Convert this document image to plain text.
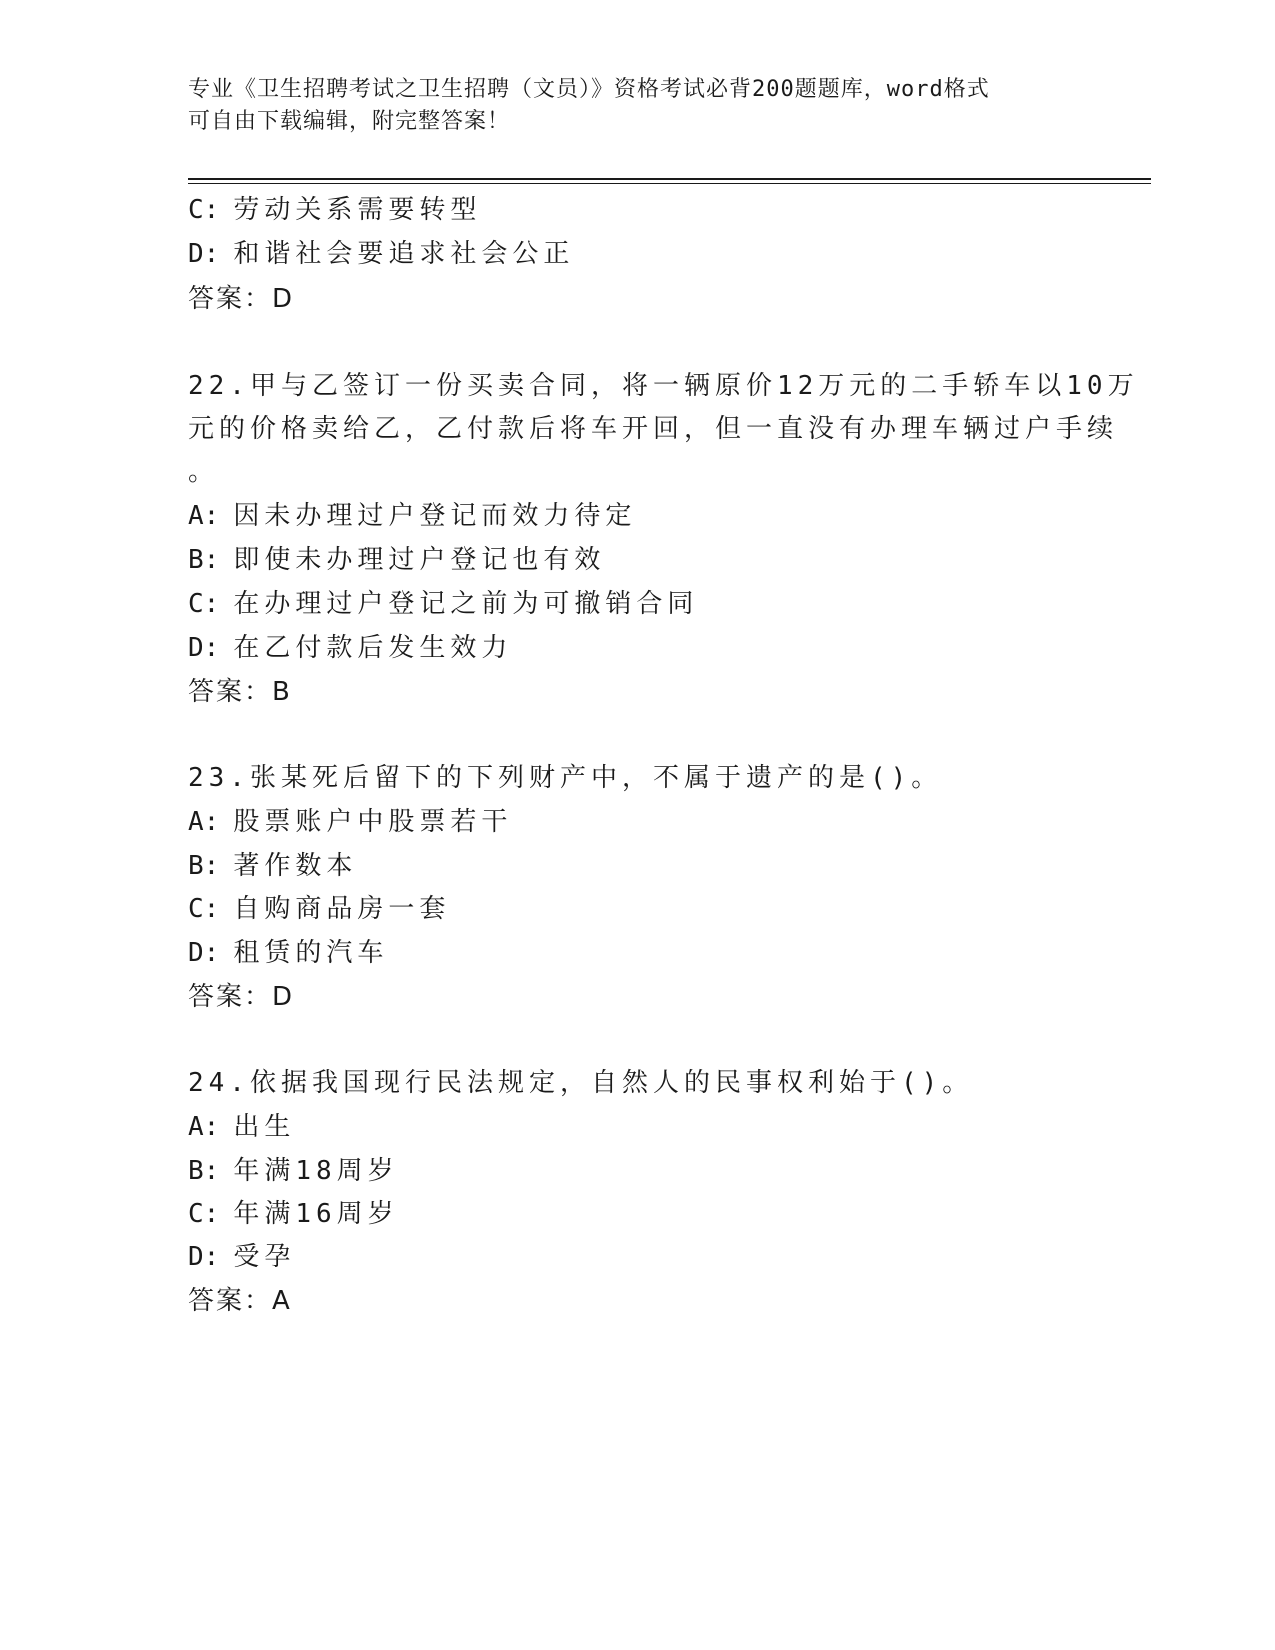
专业《卫生招聘考试之卫生招聘（文员）》资格考试必背200题题库，word格式
可自由下载编辑，附完整答案！
C: 劳动关系需要转型
D: 和谐社会要追求社会公正
答案：D
22.甲与乙签订一份买卖合同，将一辆原价12万元的二手轿车以10万
元的价格卖给乙，乙付款后将车开回，但一直没有办理车辆过户手续
。
A: 因未办理过户登记而效力待定
B: 即使未办理过户登记也有效
C: 在办理过户登记之前为可撤销合同
D: 在乙付款后发生效力
答案：B
23.张某死后留下的下列财产中，不属于遗产的是()。
A: 股票账户中股票若干
B: 著作数本
C: 自购商品房一套
D: 租赁的汽车
答案：D
24.依据我国现行民法规定，自然人的民事权利始于()。
A: 出生
B: 年满18周岁
C: 年满16周岁
D: 受孕
答案：A
